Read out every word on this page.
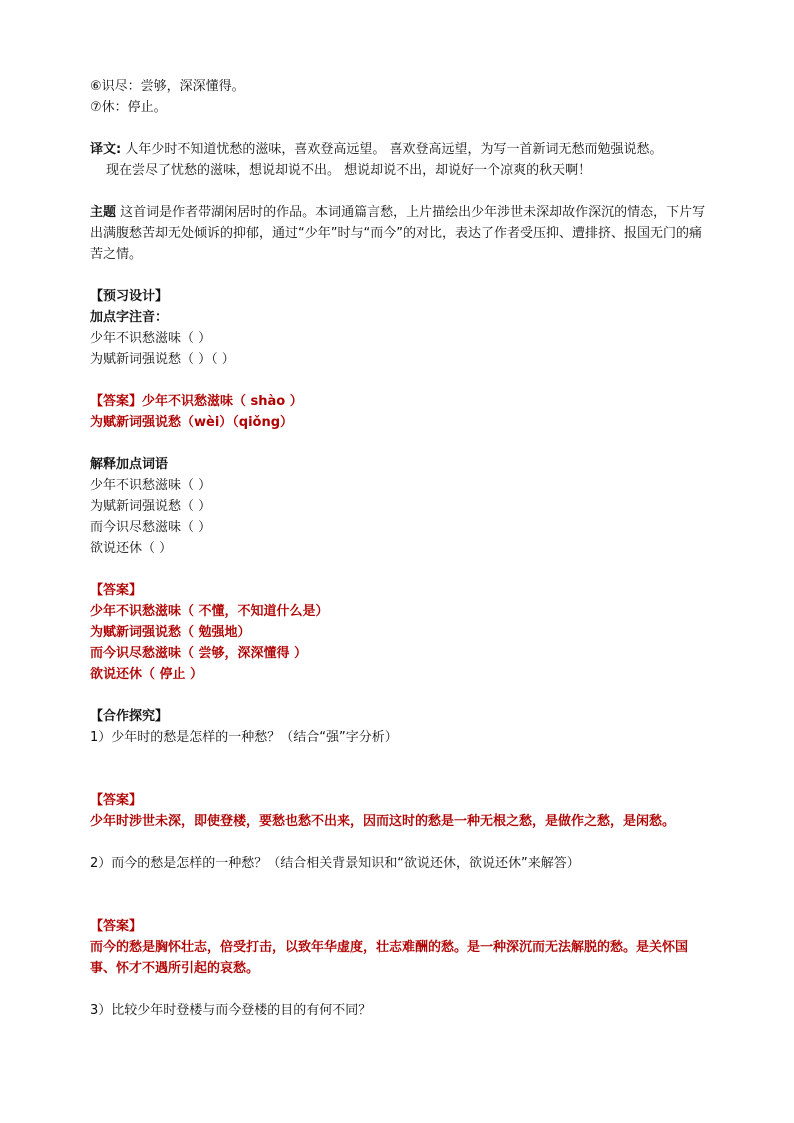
⑥识尽：尝够，深深懂得。
⑦休：停止。
译文: 人年少时不知道忧愁的滋味，喜欢登高远望。 喜欢登高远望，为写一首新词无愁而勉强说愁。
现在尝尽了忧愁的滋味，想说却说不出。 想说却说不出，却说好一个凉爽的秋天啊！
主题 这首词是作者带湖闲居时的作品。本词通篇言愁，上片描绘出少年涉世未深却故作深沉的情态，下片写出满腹愁苦却无处倾诉的抑郁，通过“少年”时与“而今”的对比，表达了作者受压抑、遭排挤、报国无门的痛苦之情。
【预习设计】
加点字注音：
少年不识愁滋味（ ）
为赋新词强说愁（ ）（ ）
【答案】少年不识愁滋味（ shào ）
为赋新词强说愁（wèi）（qiǒng）
解释加点词语
少年不识愁滋味（ ）
为赋新词强说愁（ ）
而今识尽愁滋味（ ）
欲说还休（ ）
【答案】
少年不识愁滋味（ 不懂，不知道什么是）
为赋新词强说愁（ 勉强地）
而今识尽愁滋味（ 尝够，深深懂得 ）
欲说还休（ 停止 ）
【合作探究】
1）少年时的愁是怎样的一种愁？（结合“强”字分析）
【答案】
少年时涉世未深，即使登楼，要愁也愁不出来，因而这时的愁是一种无根之愁，是做作之愁，是闲愁。
2）而今的愁是怎样的一种愁？（结合相关背景知识和“欲说还休，欲说还休”来解答）
【答案】
而今的愁是胸怀壮志，倍受打击，以致年华虚度，壮志难酬的愁。是一种深沉而无法解脱的愁。是关怀国事、怀才不遇所引起的哀愁。
3）比较少年时登楼与而今登楼的目的有何不同？
